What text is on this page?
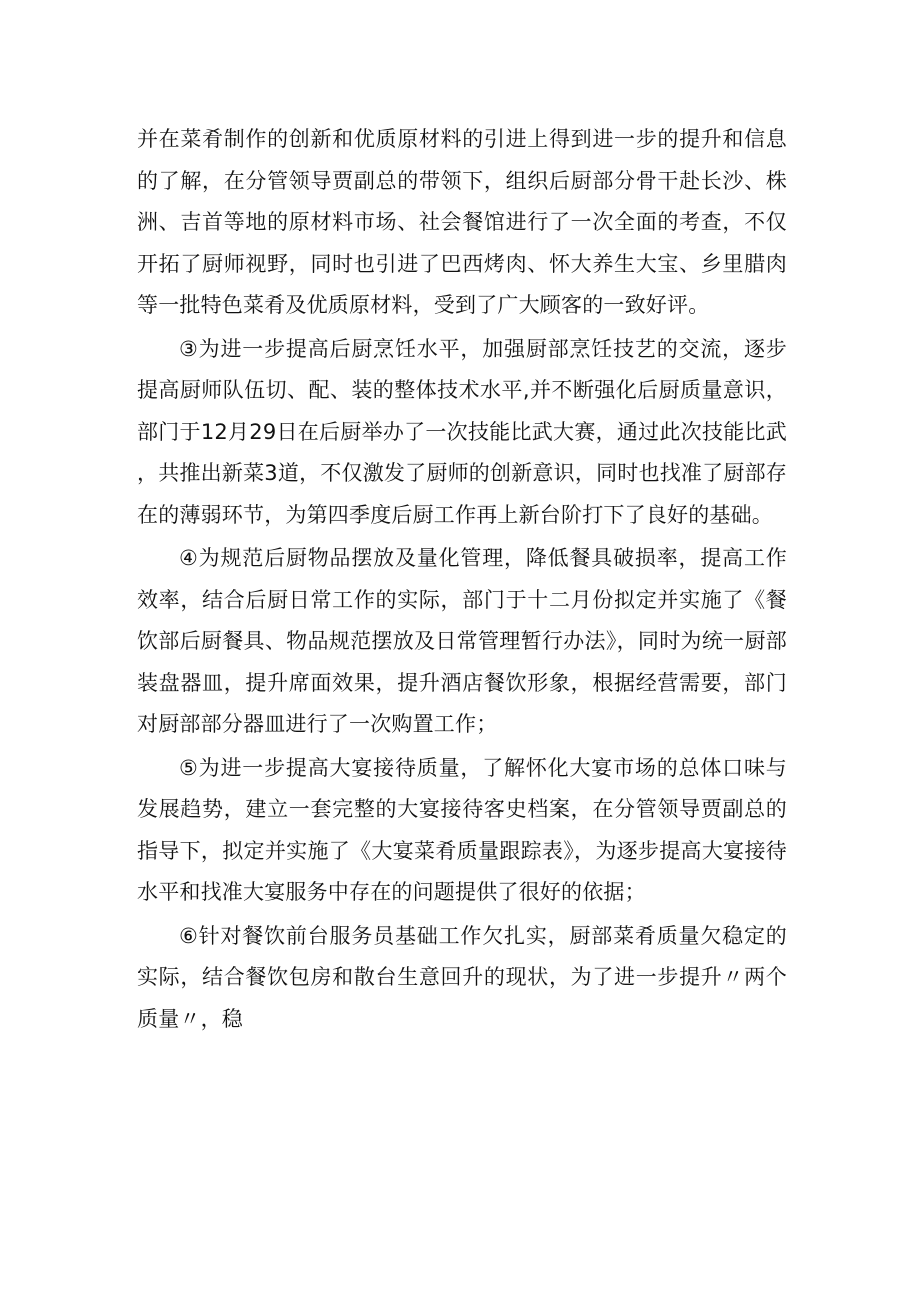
并在菜肴制作的创新和优质原材料的引进上得到进一步的提升和信息的了解，在分管领导贾副总的带领下，组织后厨部分骨干赴长沙、株洲、吉首等地的原材料市场、社会餐馆进行了一次全面的考查，不仅开拓了厨师视野，同时也引进了巴西烤肉、怀大养生大宝、乡里腊肉等一批特色菜肴及优质原材料，受到了广大顾客的一致好评。

③为进一步提高后厨烹饪水平，加强厨部烹饪技艺的交流，逐步提高厨师队伍切、配、装的整体技术水平,并不断强化后厨质量意识，部门于12月29日在后厨举办了一次技能比武大赛，通过此次技能比武，共推出新菜3道，不仅激发了厨师的创新意识，同时也找准了厨部存在的薄弱环节，为第四季度后厨工作再上新台阶打下了良好的基础。

④为规范后厨物品摆放及量化管理，降低餐具破损率，提高工作效率，结合后厨日常工作的实际，部门于十二月份拟定并实施了《餐饮部后厨餐具、物品规范摆放及日常管理暂行办法》，同时为统一厨部装盘器皿，提升席面效果，提升酒店餐饮形象，根据经营需要，部门对厨部部分器皿进行了一次购置工作；

⑤为进一步提高大宴接待质量，了解怀化大宴市场的总体口味与发展趋势，建立一套完整的大宴接待客史档案，在分管领导贾副总的指导下，拟定并实施了《大宴菜肴质量跟踪表》，为逐步提高大宴接待水平和找准大宴服务中存在的问题提供了很好的依据；

⑥针对餐饮前台服务员基础工作欠扎实，厨部菜肴质量欠稳定的实际，结合餐饮包房和散台生意回升的现状，为了进一步提升〃两个质量〃，稳
